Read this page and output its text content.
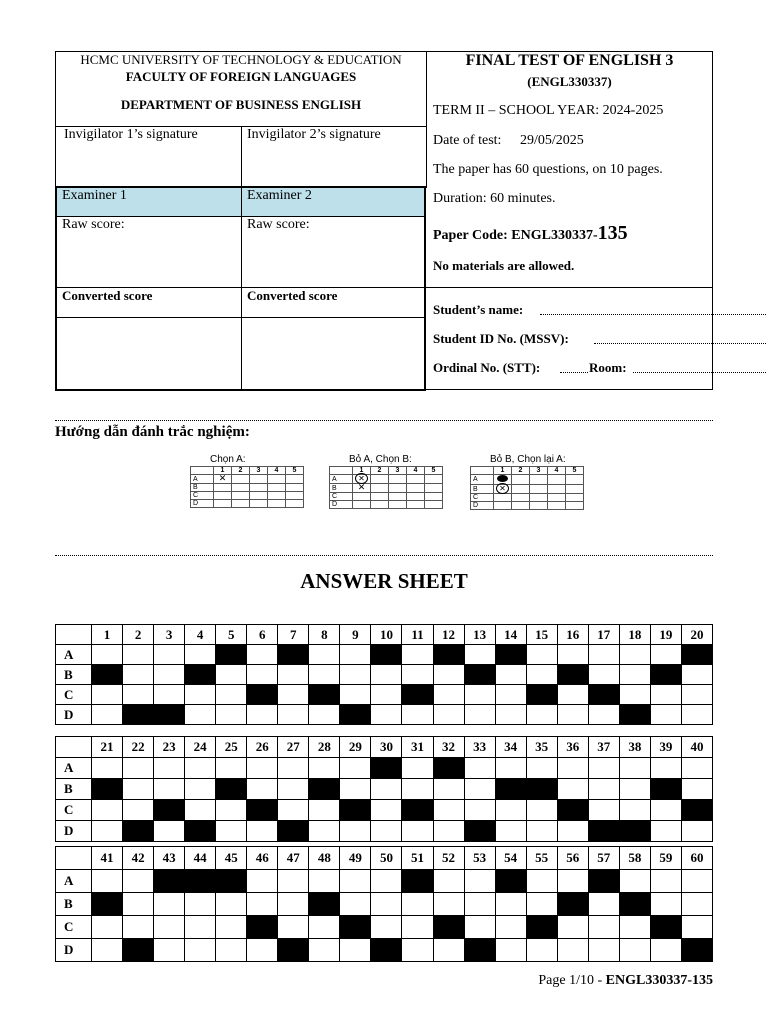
HCMC UNIVERSITY OF TECHNOLOGY & EDUCATION
FACULTY OF FOREIGN LANGUAGES
DEPARTMENT OF BUSINESS ENGLISH
Invigilator 1’s signature	Invigilator 2’s signature
Examiner 1	Examiner 2
Raw score:	Raw score:
Converted score	Converted score
FINAL TEST OF ENGLISH 3
(ENGL330337)
TERM II – SCHOOL YEAR: 2024-2025
Date of test: 29/05/2025
The paper has 60 questions, on 10 pages.
Duration: 60 minutes.
Paper Code: ENGL330337-135
No materials are allowed.
Student’s name:
Student ID No. (MSSV):
Ordinal No. (STT):	Room:
Hướng dẫn đánh trắc nghiệm:
Chọn A:
	1	2	3	4	5
A	✕				
B					
C					
D					
Bỏ A, Chọn B:
	1	2	3	4	5
A	✕				
B	✕				
C					
D					
Bỏ B, Chọn lại A:
	1	2	3	4	5
A					
B	✕				
C					
D					
ANSWER SHEET
	1	2	3	4	5	6	7	8	9	10	11	12	13	14	15	16	17	18	19	20
A																				
B																				
C																				
D																				
	21	22	23	24	25	26	27	28	29	30	31	32	33	34	35	36	37	38	39	40
A																				
B																				
C																				
D																				
	41	42	43	44	45	46	47	48	49	50	51	52	53	54	55	56	57	58	59	60
A																				
B																				
C																				
D																				
Page 1/10 - ENGL330337-135
